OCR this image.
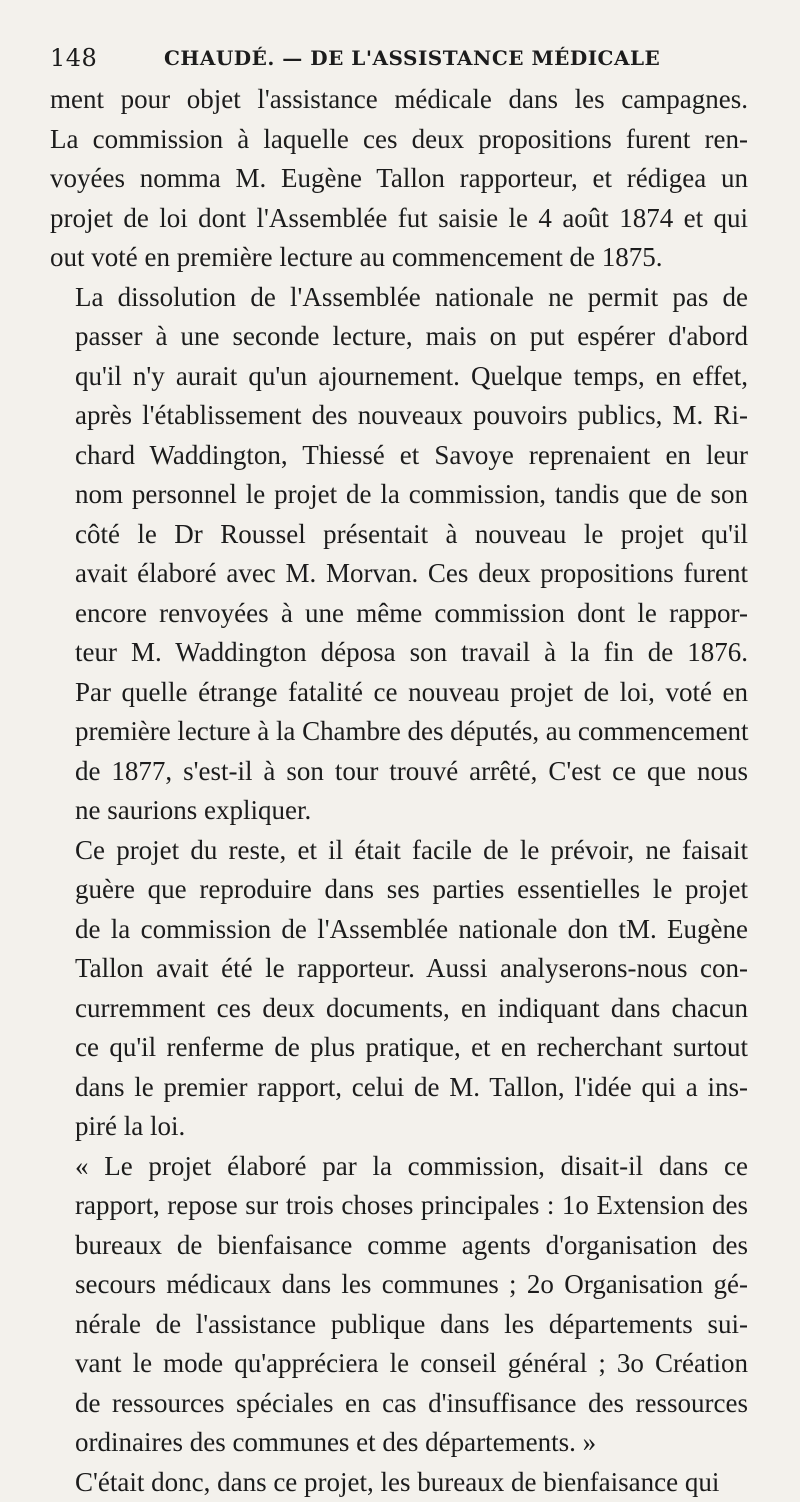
148	CHAUDÉ. — DE L'ASSISTANCE MÉDICALE

ment pour objet l'assistance médicale dans les campagnes.
La commission à laquelle ces deux propositions furent ren-
voyées nomma M. Eugène Tallon rapporteur, et rédigea un
projet de loi dont l'Assemblée fut saisie le 4 août 1874 et qui
out voté en première lecture au commencement de 1875.

La dissolution de l'Assemblée nationale ne permit pas de
passer à une seconde lecture, mais on put espérer d'abord
qu'il n'y aurait qu'un ajournement. Quelque temps, en effet,
après l'établissement des nouveaux pouvoirs publics, M. Ri-
chard Waddington, Thiessé et Savoye reprenaient en leur
nom personnel le projet de la commission, tandis que de son
côté le Dr Roussel présentait à nouveau le projet qu'il
avait élaboré avec M. Morvan. Ces deux propositions furent
encore renvoyées à une même commission dont le rappor-
teur M. Waddington déposa son travail à la fin de 1876.
Par quelle étrange fatalité ce nouveau projet de loi, voté en
première lecture à la Chambre des députés, au commencement
de 1877, s'est-il à son tour trouvé arrêté, C'est ce que nous
ne saurions expliquer.

Ce projet du reste, et il était facile de le prévoir, ne faisait
guère que reproduire dans ses parties essentielles le projet
de la commission de l'Assemblée nationale don tM. Eugène
Tallon avait été le rapporteur. Aussi analyserons-nous con-
curremment ces deux documents, en indiquant dans chacun
ce qu'il renferme de plus pratique, et en recherchant surtout
dans le premier rapport, celui de M. Tallon, l'idée qui a ins-
piré la loi.

« Le projet élaboré par la commission, disait-il dans ce
rapport, repose sur trois choses principales : 1o Extension des
bureaux de bienfaisance comme agents d'organisation des
secours médicaux dans les communes ; 2o Organisation gé-
nérale de l'assistance publique dans les départements sui-
vant le mode qu'appréciera le conseil général ; 3o Création
de ressources spéciales en cas d'insuffisance des ressources
ordinaires des communes et des départements. »

C'était donc, dans ce projet, les bureaux de bienfaisance qui
